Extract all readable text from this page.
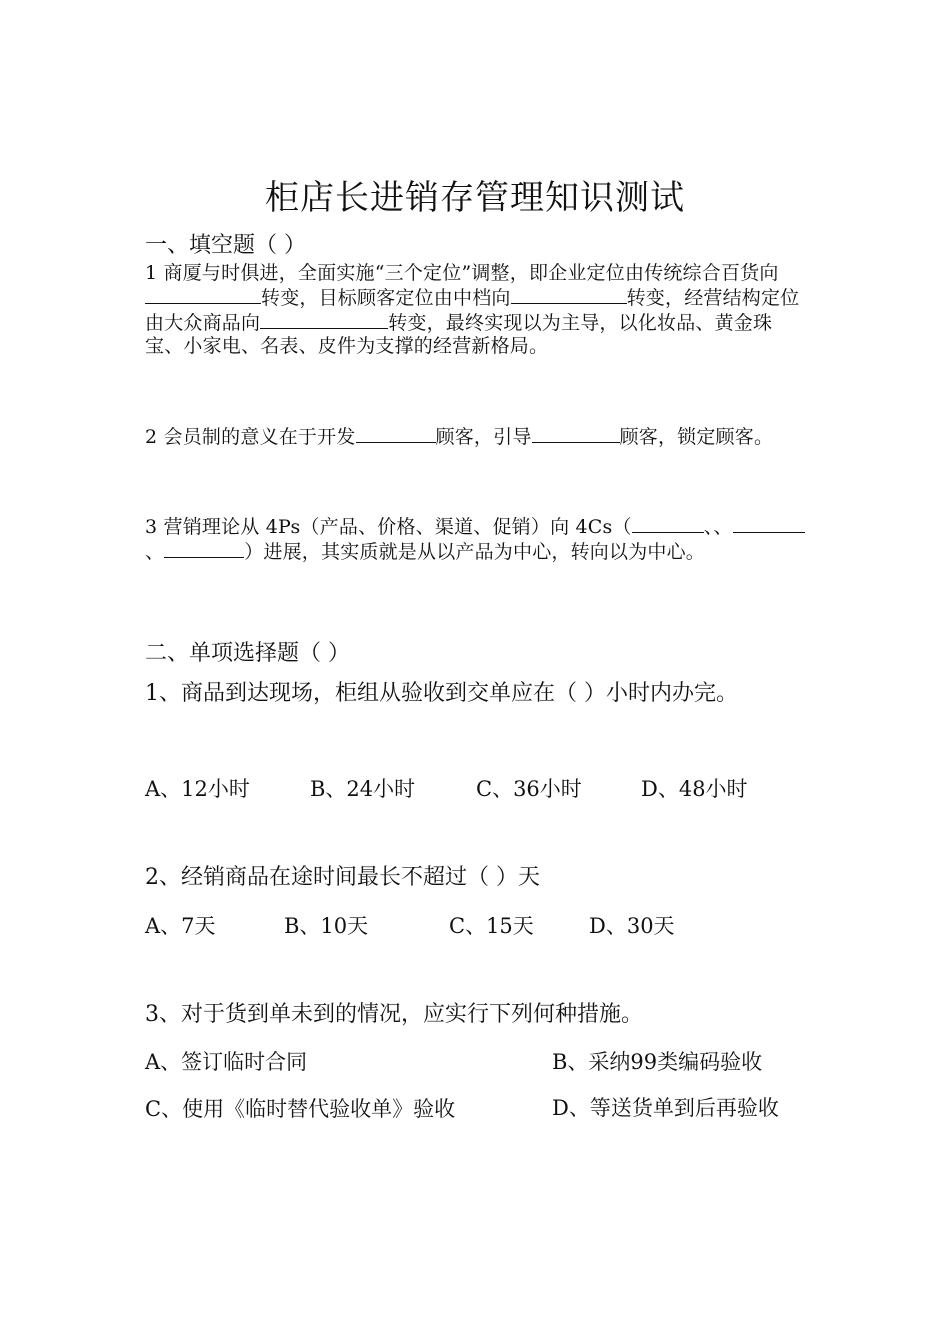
柜店长进销存管理知识测试
一、填空题（ ）
1 商厦与时俱进，全面实施“三个定位”调整，即企业定位由传统综合百货向转变，目标顾客定位由中档向	转变，经营结构定位由大众商品向	转变，最终实现以为主导，以化妆品、黄金珠宝、小家电、名表、皮件为支撑的经营新格局。
2 会员制的意义在于开发	顾客，引导	顾客，锁定顾客。
3 营销理论从 4Ps（产品、价格、渠道、促销）向 4Cs（	、、、	）进展，其实质就是从以产品为中心，转向以为中心。
二、单项选择题（ ）
1、商品到达现场，柜组从验收到交单应在（ ）小时内办完。
A、12小时	B、24小时	C、36小时	D、48小时
2、经销商品在途时间最长不超过（ ）天
A、7天	B、10天	C、15天	D、30天
3、对于货到单未到的情况，应实行下列何种措施。
A、签订临时合同	B、采纳99类编码验收
C、使用《临时替代验收单》验收	D、等送货单到后再验收
